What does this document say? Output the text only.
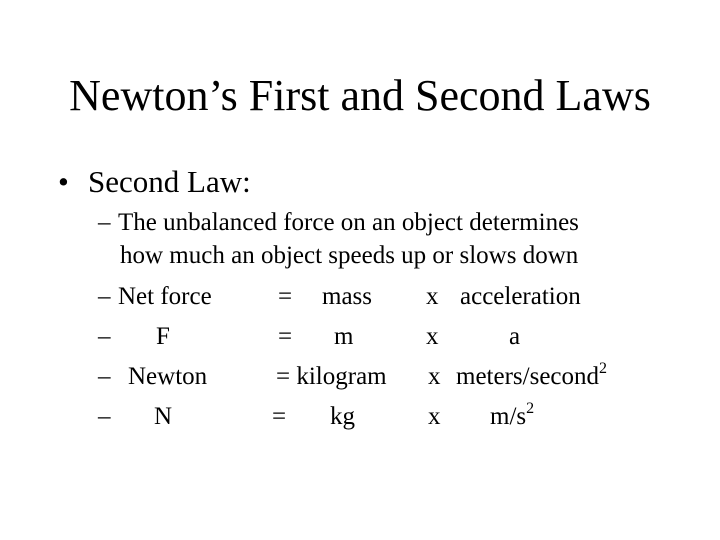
Newton’s First and Second Laws
• Second Law:
– The unbalanced force on an object determines
how much an object speeds up or slows down
– Net force	= mass x acceleration
– F	= m	x	a
– Newton	= kilogram x meters/second$^2$
– N	= kg	x $m/s^2$
